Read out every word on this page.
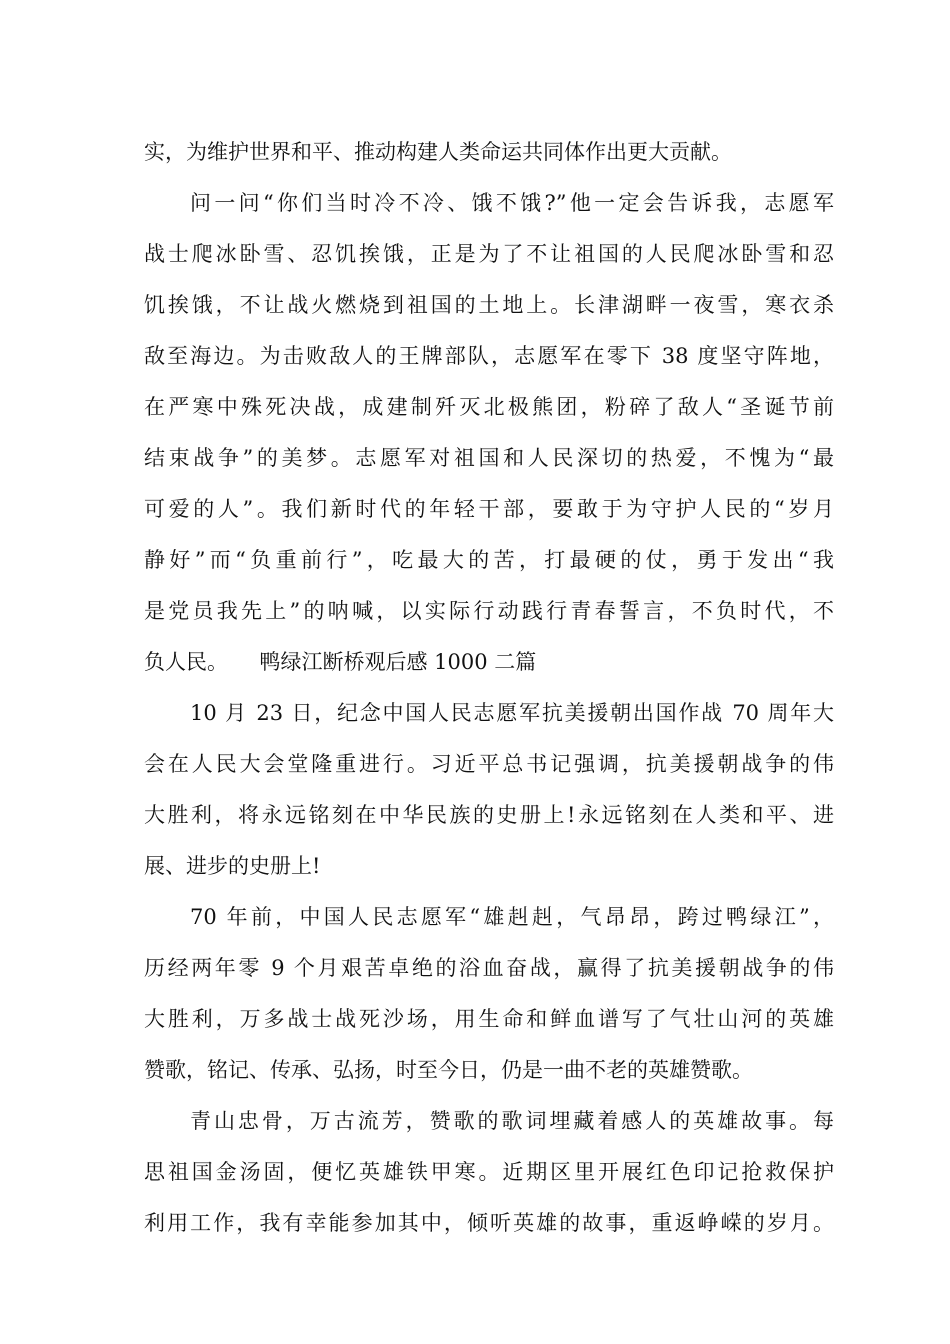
实，为维护世界和平、推动构建人类命运共同体作出更大贡献。
问一问“你们当时冷不冷、饿不饿?”他一定会告诉我，志愿军
战士爬冰卧雪、忍饥挨饿，正是为了不让祖国的人民爬冰卧雪和忍
饥挨饿，不让战火燃烧到祖国的土地上。长津湖畔一夜雪，寒衣杀
敌至海边。为击败敌人的王牌部队，志愿军在零下 38 度坚守阵地，
在严寒中殊死决战，成建制歼灭北极熊团，粉碎了敌人“圣诞节前
结束战争”的美梦。志愿军对祖国和人民深切的热爱，不愧为“最
可爱的人”。我们新时代的年轻干部，要敢于为守护人民的“岁月
静好”而“负重前行”，吃最大的苦，打最硬的仗，勇于发出“我
是党员我先上”的呐喊，以实际行动践行青春誓言，不负时代，不
负人民。　　鸭绿江断桥观后感 1000 二篇
10 月 23 日，纪念中国人民志愿军抗美援朝出国作战 70 周年大
会在人民大会堂隆重进行。习近平总书记强调，抗美援朝战争的伟
大胜利，将永远铭刻在中华民族的史册上!永远铭刻在人类和平、进
展、进步的史册上!
70 年前，中国人民志愿军“雄赳赳，气昂昂，跨过鸭绿江”，
历经两年零 9 个月艰苦卓绝的浴血奋战，赢得了抗美援朝战争的伟
大胜利，万多战士战死沙场，用生命和鲜血谱写了气壮山河的英雄
赞歌，铭记、传承、弘扬，时至今日，仍是一曲不老的英雄赞歌。
青山忠骨，万古流芳，赞歌的歌词埋藏着感人的英雄故事。每
思祖国金汤固，便忆英雄铁甲寒。近期区里开展红色印记抢救保护
利用工作，我有幸能参加其中，倾听英雄的故事，重返峥嵘的岁月。
